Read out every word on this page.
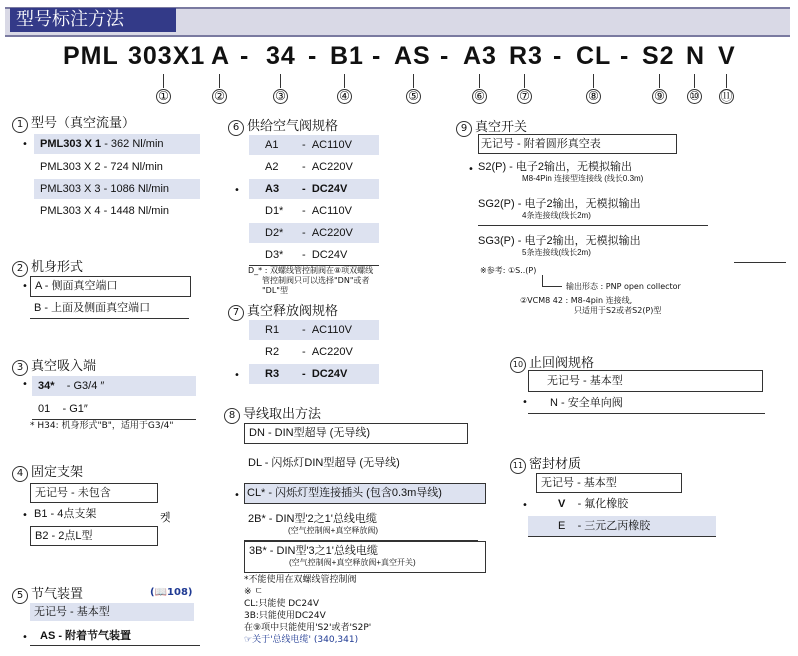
型号标注方法
PML 303X1 A - 34 - B1 - AS - A3 R3 - CL - S2 N V
①	②	③	④	⑤	⑥	⑦	⑧	⑨ ⑩ ⑪
1 型号（真空流量）
•	PML303 X 1 - 362 Nl/min
PML303 X 2 - 724 Nl/min
PML303 X 3 - 1086 Nl/min
PML303 X 4 - 1448 Nl/min
2 机身形式
• A - 侧面真空端口
B - 上面及侧面真空端口
3 真空吸入端
• 34* - G3/4 ″
01 - G1″
* H34: 机身形式"B"，适用于G3/4"
4 固定支架
无记号 - 未包含
• B1 - 4点支架	켓
B2 - 2点L型
5 节气装置	(📖108)
无记号 - 基本型
•	AS - 附着节气装置
6 供给空气阀规格
A1 -  AC110V
A2 -  AC220V
•	A3 -  DC24V
D1* -  AC110V
D2* -  AC220V
D3* -  DC24V
D_* : 双螺线管控制阀在⑧项双螺线
管控制阀只可以选择"DN"或者
"DL"型
7 真空释放阀规格
R1 -  AC110V
R2 -  AC220V
•	R3 -  DC24V
8 导线取出方法
DN - DIN型超导 (无导线)
DL - 闪烁灯DIN型超导 (无导线)
• CL* - 闪烁灯型连接插头 (包含0.3m导线)
2B* - DIN型'2之1'总线电缆
(空气控制阀+真空释放阀)
3B* - DIN型'3之1'总线电缆
(空气控制阀+真空释放阀+真空开关)
*不能使用在双螺线管控制阀
※ ㄷ
CL:只能使 DC24V
3B:只能使用DC24V
在⑨项中只能使用'S2'或者'S2P'
☞关于'总线电缆' (340,341)
9 真空开关
无记号 - 附着圆形真空表
• S2(P) - 电子2输出，无模拟输出
M8-4Pin 连接型连接线 (线长0.3m)
SG2(P) - 电子2输出，无模拟输出
4条连接线(线长2m)
SG3(P) - 电子2输出，无模拟输出
5条连接线(线长2m)
※参考: ①S..(P)
输出形态 : PNP open collector
②VCM8 42 : M8-4pin 连接线,
只适用于S2或者S2(P)型
10 止回阀规格
无记号 - 基本型
•	N - 安全单向阀
11 密封材质
无记号 - 基本型
•	V - 氟化橡胶
E - 三元乙丙橡胶
